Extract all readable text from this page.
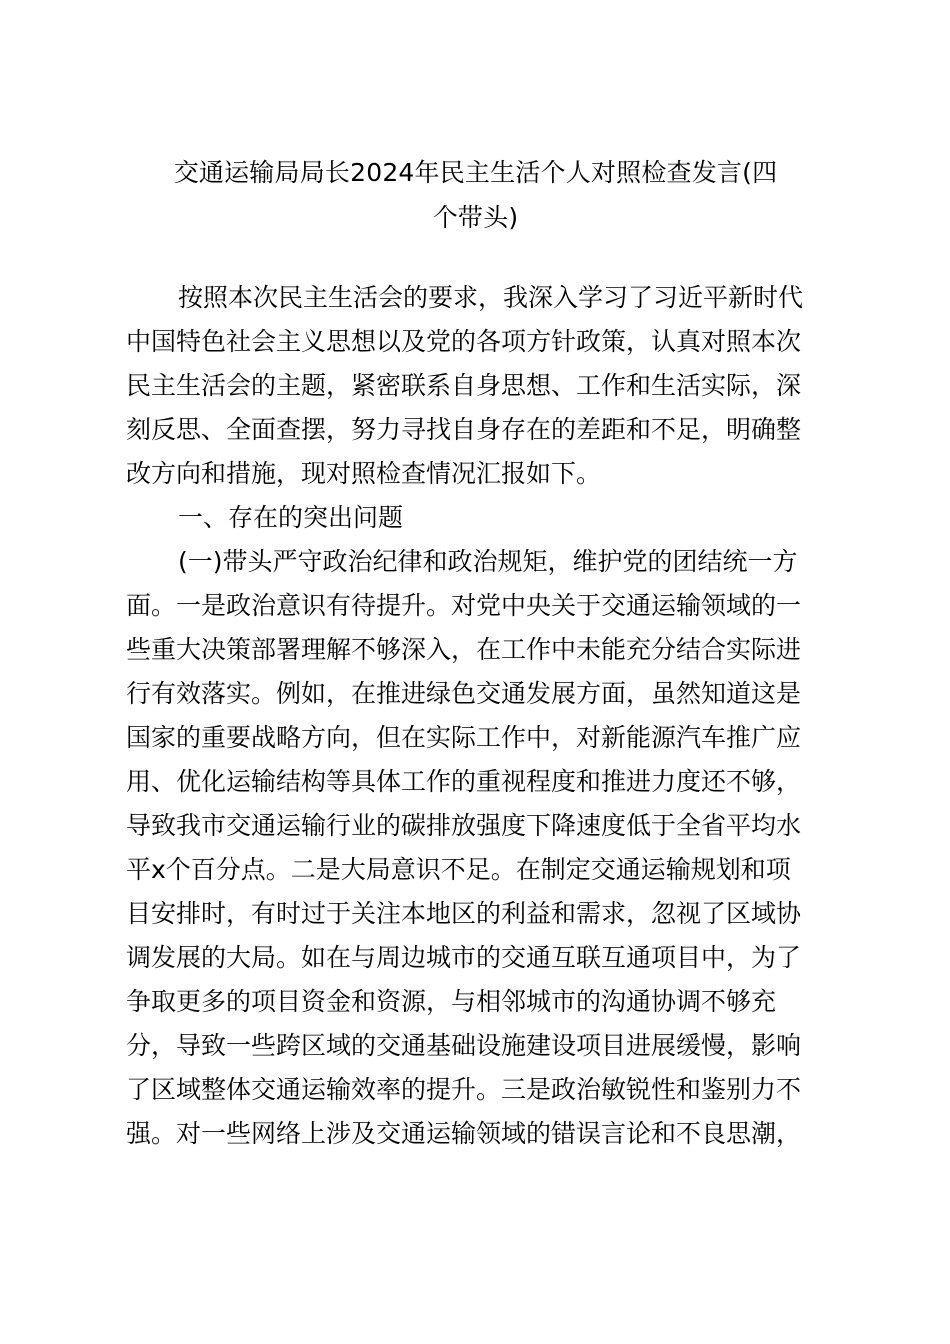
交通运输局局长2024年民主生活个人对照检查发言(四
个带头)
按照本次民主生活会的要求，我深入学习了习近平新时代
中国特色社会主义思想以及党的各项方针政策，认真对照本次
民主生活会的主题，紧密联系自身思想、工作和生活实际，深
刻反思、全面查摆，努力寻找自身存在的差距和不足，明确整
改方向和措施，现对照检查情况汇报如下。
一、存在的突出问题
(一)带头严守政治纪律和政治规矩，维护党的团结统一方
面。一是政治意识有待提升。对党中央关于交通运输领域的一
些重大决策部署理解不够深入，在工作中未能充分结合实际进
行有效落实。例如，在推进绿色交通发展方面，虽然知道这是
国家的重要战略方向，但在实际工作中，对新能源汽车推广应
用、优化运输结构等具体工作的重视程度和推进力度还不够，
导致我市交通运输行业的碳排放强度下降速度低于全省平均水
平x个百分点。二是大局意识不足。在制定交通运输规划和项
目安排时，有时过于关注本地区的利益和需求，忽视了区域协
调发展的大局。如在与周边城市的交通互联互通项目中，为了
争取更多的项目资金和资源，与相邻城市的沟通协调不够充
分，导致一些跨区域的交通基础设施建设项目进展缓慢，影响
了区域整体交通运输效率的提升。三是政治敏锐性和鉴别力不
强。对一些网络上涉及交通运输领域的错误言论和不良思潮，
